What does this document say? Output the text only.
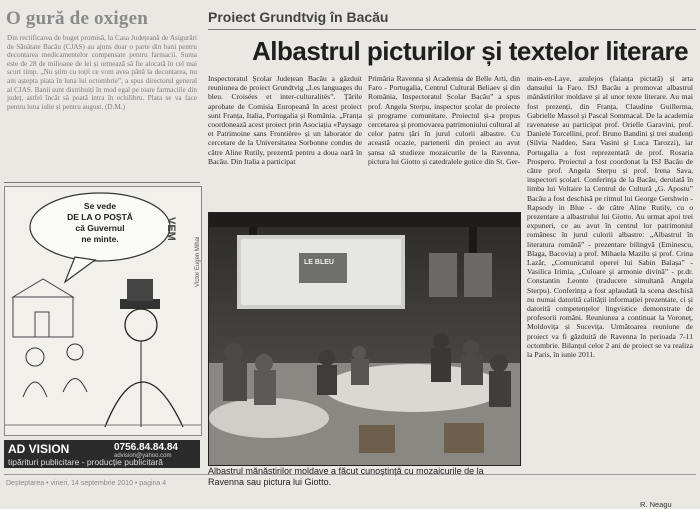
O gură de oxigen
Din rectificarea de buget promisă, la Casa Județeană de Asigurări de Sănătate Bacău (CJAS) au ajuns doar o parte din bani pentru decontarea medicamentelor compensate pentru farmacii. Suma este de 28 de milioane de lei și urmează să fie alocată în cel mai scurt timp. „Nu știm cu toții ce vom avea până la decontarea, nu am aștepta plata în luna lui octombrie”, a spus directorul general al CJAS. Banii sunt distribuiți în mod egal pe toate farmaciile din județ, astfel încât să poată intra în echilibru. Plata se va face pentru luna iulie și pentru august. (D.M.)
Se vede
DE LA O POȘTĂ
că Guvernul
ne minte.	VEM
Victor Eugen Mihai
AD VISION	0756.84.84.84
advision@yahoo.com
tipărituri publicitare - producție publicitară
Deșteptarea • vineri, 14 septembrie 2010 • pagina 4
Proiect Grundtvig în Bacău
Albastrul picturilor și textelor literare
Inspectoratul Școlar Județean Bacău a găzduit reuniunea de proiect Grundtvig „Les languages du bleu. Croisées et inter-culturalités”. Țările aprobate de Comisia Europeană în acest proiect sunt Franța, Italia, Portugalia și România. „Franța coordonează acest proiect prin Asociația «Paysage et Patrimoine sans Frontière» și un laborator de cercetare de la Universitatea Sorbonne condus de către Aline Rutily, prezentă pentru a doua oară în Bacău. Din Italia a participat
Primăria Ravenna și Academia de Belle Arti, din Faro - Portugalia, Centrul Cultural Beliaev și din România, Inspectoratul Școlar Bacău” a spus prof. Angela Sterpu, inspector școlar de proiecte și programe comunitare. Proiectul și-a propus cercetarea și promovarea patrimoniului cultural al celor patru țări în jurul culorii albastre. Cu această ocazie, partenerii din proiect au avut șansa să studieze mozaicurile de la Ravenna, pictura lui Giotto și catedralele gotice din St. Ger-
main-en-Laye, azulejos (faianța pictată) și arta dansului la Faro. ISJ Bacău a promovat albastrul mănăstirilor moldave și al unor texte literare. Au mai fost prezenți, din Franța, Claudine Guillerma, Gabrielle Massol și Pascal Sommacal. De la academia ravenatese au participat prof. Orielle Garavini, prof. Daniele Torcellini, prof. Bruno Bandini și trei studenți (Silvia Naddeo, Sara Vasini și Luca Tarozzi), iar Portugalia a fost reprezentată de prof. Rosaria Prospero. Proiectul a fost coordonat la ISJ Bacău de către prof. Angela Sterpu și prof. Irena Sava, inspectori școlari. Conferința de la Bacău, derulată în limba lui Voltaire la Centrul de Cultură „G. Apostu” Bacău a fost deschisă pe ritmul lui George Gershwin - Rapsody in Blue - de către Aline Rutily, cu o prezentare a albastrului lui Giotto. Au urmat apoi trei expuneri, ce au avut în centrul lor patrimoniul românesc în jurul culorii albastre: „Albastrul în literatura română” - prezentare bilingvă (Eminescu, Blaga, Bacovia) a prof. Mihaela Mazilu și prof. Crina Lazăr, „Comunicatul operei lui Sabin Balașa” - Vasilica Irimia, „Culoare și armonie divină” - pr.dr. Constantin Leonte (traducere simultană Angela Sterpu). Conferința a fost aplaudată la scena deschisă nu numai datorită calității informației prezentate, ci și datorită competențelor lingvistice demonstrate de profesorii români. Reuniunea a continuat la Voroneț, Moldovița și Sucevița. Următoarea reuniune de proiect va fi găzduită de Ravenna în perioada 7-11 octombrie. Bilanțul celor 2 ani de proiect se va realiza la Paris, în iunie 2011.
LE BLEU
Albastrul mănăstirilor moldave a făcut cunoștință cu mozaicurile de la Ravenna sau pictura lui Giotto.
R. Neagu
